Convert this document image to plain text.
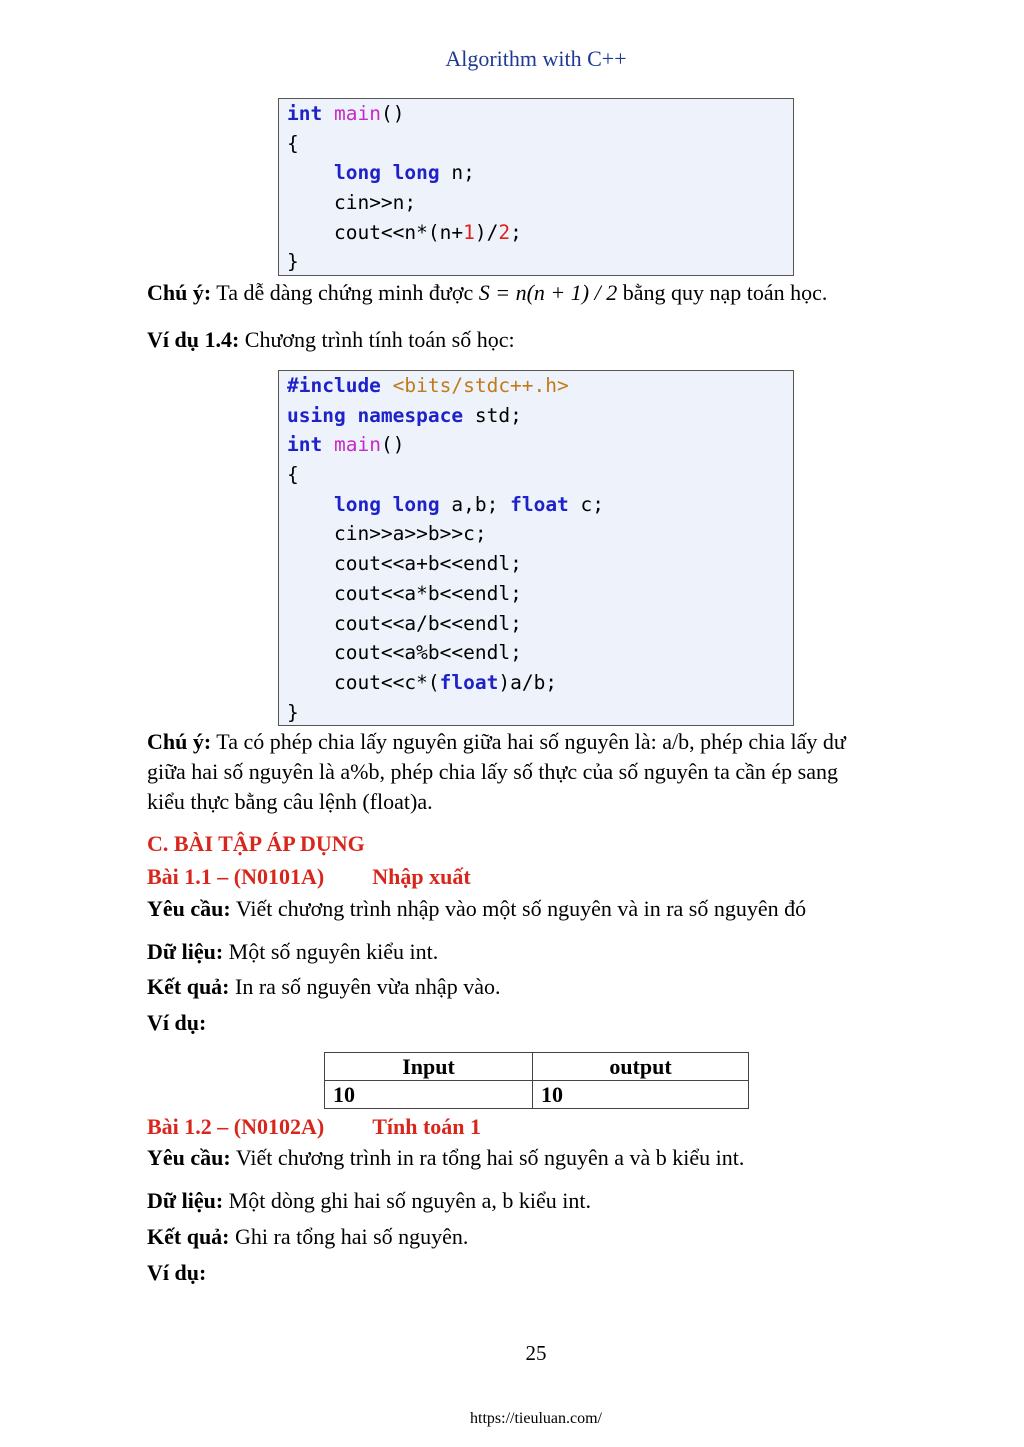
Algorithm with C++
int main()
{
long long n;
cin>>n;
cout<<n*(n+1)/2;
}
Chú ý: Ta dễ dàng chứng minh được S = n(n + 1) / 2 bằng quy nạp toán học.
Ví dụ 1.4: Chương trình tính toán số học:
#include <bits/stdc++.h>
using namespace std;
int main()
{
long long a,b; float c;
cin>>a>>b>>c;
cout<<a+b<<endl;
cout<<a*b<<endl;
cout<<a/b<<endl;
cout<<a%b<<endl;
cout<<c*(float)a/b;
}
Chú ý: Ta có phép chia lấy nguyên giữa hai số nguyên là: a/b, phép chia lấy dư
giữa hai số nguyên là a%b, phép chia lấy số thực của số nguyên ta cần ép sang
kiểu thực bằng câu lệnh (float)a.
C. BÀI TẬP ÁP DỤNG
Bài 1.1 – (N0101A) Nhập xuất
Yêu cầu: Viết chương trình nhập vào một số nguyên và in ra số nguyên đó
Dữ liệu: Một số nguyên kiểu int.
Kết quả: In ra số nguyên vừa nhập vào.
Ví dụ:
Input	output
10	10
Bài 1.2 – (N0102A) Tính toán 1
Yêu cầu: Viết chương trình in ra tổng hai số nguyên a và b kiểu int.
Dữ liệu: Một dòng ghi hai số nguyên a, b kiểu int.
Kết quả: Ghi ra tổng hai số nguyên.
Ví dụ:
25
https://tieuluan.com/
